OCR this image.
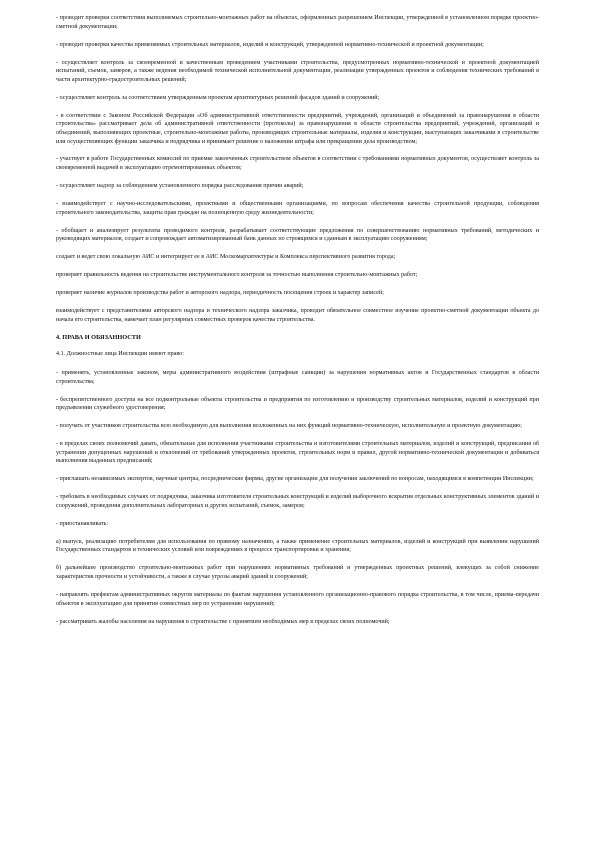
- проводит проверки соответствия выполняемых строительно-монтажных работ на объектах, оформленных разрешением Инспекции, утвержденной в установленном порядке проектно-сметной документации;

- проводит проверки качества применяемых строительных материалов, изделий и конструкций, утвержденной нормативно-технической и проектной документации;

- осуществляет контроль за своевременной и качественным проведением участниками строительства, предусмотренных нормативно-технической и проектной документацией испытаний, съемок, замеров, а также ведения необходимой технической исполнительной документации, реализации утвержденных проектов и соблюдения технических требований в части архитектурно-градостроительных решений;

- осуществляет контроль за соответствием утвержденным проектам архитектурных решений фасадов зданий и сооружений;

- в соответствии с Законом Российской Федерации «Об административной ответственности предприятий, учреждений, организаций и объединений за правонарушения в области строительства» рассматривает дела об административной ответственности (протоколы) за правонарушения в области строительства предприятий, учреждений, организаций и объединений, выполняющих проектные, строительно-монтажные работы, производящих строительные материалы, изделия и конструкции, выступающих заказчиками в строительстве или осуществляющих функции заказчика и подрядчика и принимает решение о наложении штрафа или прекращении дела производством;

- участвует в работе Государственных комиссий по приемке законченных строительством объектов в соответствии с требованиями нормативных документов, осуществляет контроль за своевременной выдачей в эксплуатацию отремонтированных объектов;

- осуществляет надзор за соблюдением установленного порядка расследования причин аварий;

- взаимодействует с научно-исследовательскими, проектными и общественными организациями, по вопросам обеспечения качества строительной продукции, соблюдения строительного законодательства, защиты прав граждан на полноценную среду жизнедеятельности;

- обобщает и анализирует результаты проводимого контроля, разрабатывает соответствующие предложения по совершенствованию нормативных требований, методических и руководящих материалов, создает и сопровождает автоматизированный банк данных по строящимся и сданным в эксплуатацию сооружениям;

создает и ведет свою локальную АИС и интегрирует ее в АИС Москомархитектуры и Комплекса перспективного развития города;

проверяет правильность ведения на строительстве инструментального контроля за точностью выполнения строительно-монтажных работ;

проверяет наличие журналов производства работ и авторского надзора, периодичность посещения строек и характер записей;

взаимодействует с представителями авторского надзора и технического надзора заказчика, проводит обязательное совместное изучение проектно-сметной документации объекта до начала его строительства, намечает план регулярных совместных проверок качества строительства.

4. ПРАВА И ОБЯЗАННОСТИ
4.1. Должностные лица Инспекции имеют право:

- применять, установленные законом, меры административного воздействия (штрафные санкции) за нарушения нормативных актов и Государственных стандартов в области строительства;

- беспрепятственного доступа на все подконтрольные объекты строительства и предприятия по изготовлению и производству строительных материалов, изделий и конструкций при предъявлении служебного удостоверения;

- получать от участников строительства всю необходимую для выполнения возложенных на них функций нормативно-техническую, исполнительную и проектную документацию;

- в пределах своих полномочий давать, обязательные для исполнения участниками строительства и изготовителями строительных материалов, изделий и конструкций, предписания об устранении допущенных нарушений и отклонений от требований утвержденных проектов, строительных норм и правил, другой нормативно-технической документации и добиваться выполнения выданных предписаний;

- приглашать независимых экспертов, научные центры, посреднические фирмы, другие организации для получения заключений по вопросам, находящимся в компетенции Инспекции;

- требовать в необходимых случаях от подрядчика, заказчика изготовителя строительных конструкций и изделий выборочного вскрытия отдельных конструктивных элементов зданий и сооружений, проведения дополнительных лабораторных и других испытаний, съемок, замеров;

- приостанавливать:

а) выпуск, реализацию потребителям для использования по прямому назначению, а также применение строительных материалов, изделий и конструкций при выявлении нарушений Государственных стандартов и технических условий или повреждениях в процессе транспортировки и хранения;

б) дальнейшее производство строительно-монтажных работ при нарушениях нормативных требований и утвержденных проектных решений, влекущих за собой снижение характеристик прочности и устойчивости, а также в случае угрозы аварий зданий и сооружений;

- направлять префектам административных округов материалы по фактам нарушения установленного организационно-правового порядка строительства, в том числе, приема-передачи объектов в эксплуатацию для принятия совместных мер по устранению нарушений;

- рассматривать жалобы населения на нарушения в строительстве с принятием необходимых мер в пределах своих полномочий;
